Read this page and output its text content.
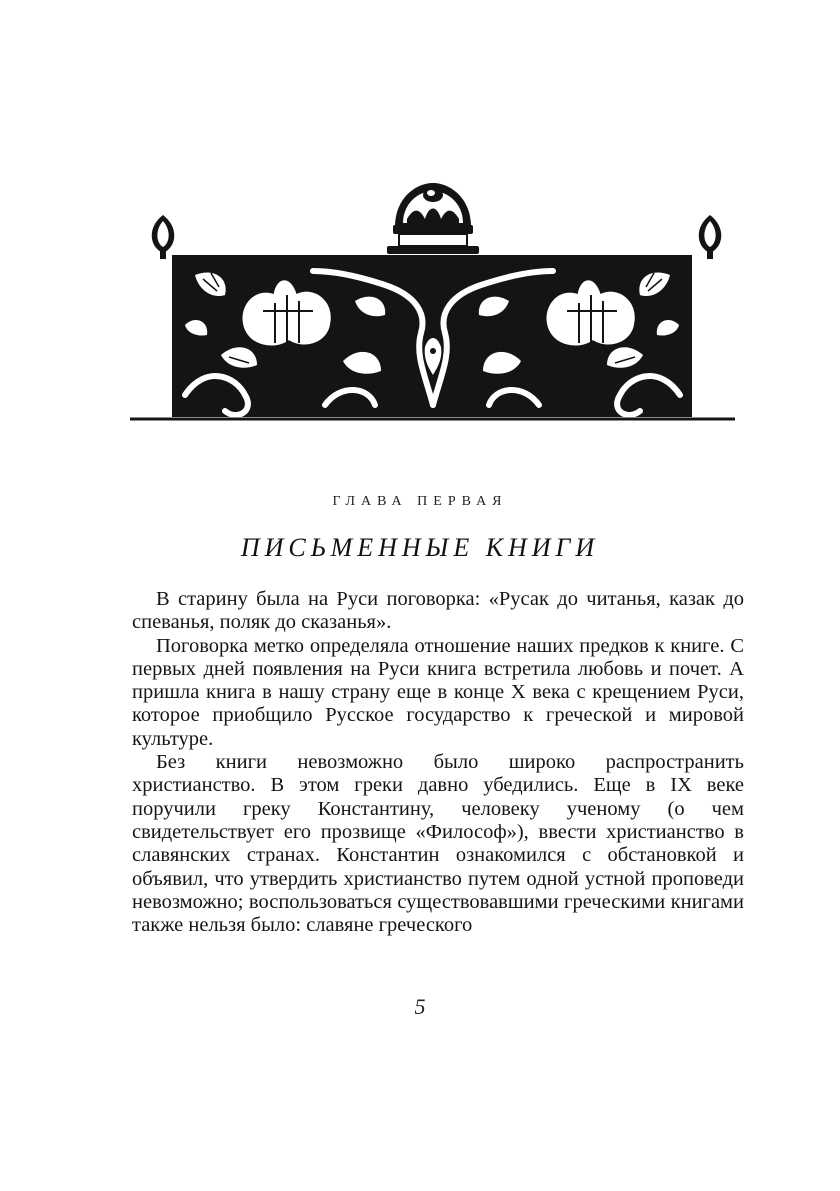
ГЛАВА ПЕРВАЯ
ПИСЬМЕННЫЕ КНИГИ

В старину была на Руси поговорка: «Русак до читанья, казак до спеванья, поляк до сказанья».

Поговорка метко определяла отношение наших предков к книге. С первых дней появления на Руси книга встретила любовь и почет. А пришла книга в нашу страну еще в конце X века с крещением Руси, которое приобщило Русское государство к греческой и мировой культуре.

Без книги невозможно было широко распространить христианство. В этом греки давно убедились. Еще в IX веке поручили греку Константину, человеку ученому (о чем свидетельствует его прозвище «Философ»), ввести христианство в славянских странах. Константин ознакомился с обстановкой и объявил, что утвердить христианство путем одной устной проповеди невозможно; воспользоваться существовавшими греческими книгами также нельзя было: славяне греческого

5
